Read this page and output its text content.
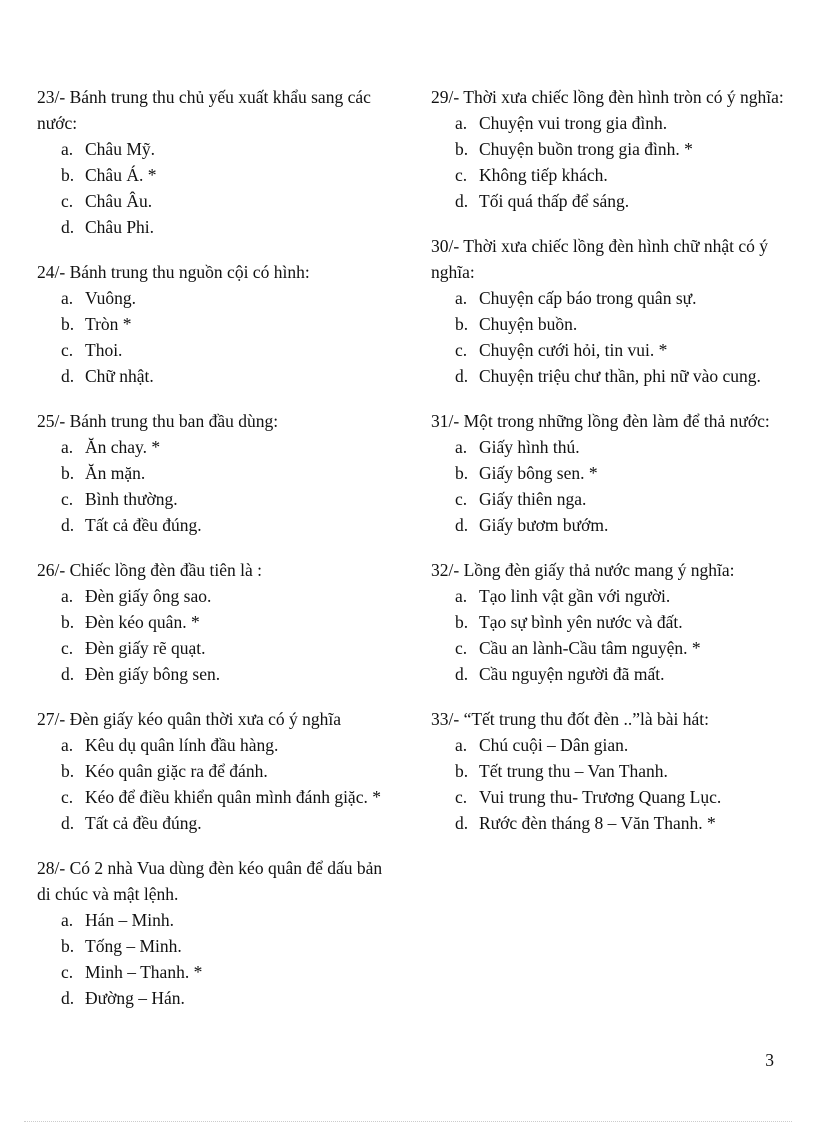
23/- Bánh trung thu chủ yếu xuất khẩu sang các nước:
a. Châu Mỹ.
b. Châu Á. *
c. Châu Âu.
d. Châu Phi.
24/- Bánh trung thu nguồn cội có hình:
a. Vuông.
b. Tròn *
c. Thoi.
d. Chữ nhật.
25/- Bánh trung thu ban đầu dùng:
a. Ăn chay. *
b. Ăn mặn.
c. Bình thường.
d. Tất cả đều đúng.
26/- Chiếc lồng đèn đầu tiên là :
a. Đèn giấy ông sao.
b. Đèn kéo quân. *
c. Đèn giấy rẽ quạt.
d. Đèn giấy bông sen.
27/- Đèn giấy kéo quân thời xưa có ý nghĩa
a. Kêu dụ quân lính đầu hàng.
b. Kéo quân giặc ra để đánh.
c. Kéo để điều khiển quân mình đánh giặc. *
d. Tất cả đều đúng.
28/- Có 2 nhà Vua dùng đèn kéo quân để dấu bản di chúc và mật lệnh.
a. Hán – Minh.
b. Tống – Minh.
c. Minh – Thanh. *
d. Đường – Hán.
29/- Thời xưa chiếc lồng đèn hình tròn có ý nghĩa:
a. Chuyện vui trong gia đình.
b. Chuyện buồn trong gia đình. *
c. Không tiếp khách.
d. Tối quá thấp để sáng.
30/- Thời xưa chiếc lồng đèn hình chữ nhật có ý nghĩa:
a. Chuyện cấp báo trong quân sự.
b. Chuyện buồn.
c. Chuyện cưới hỏi, tin vui. *
d. Chuyện triệu chư thần, phi nữ vào cung.
31/- Một trong những lồng đèn làm để thả nước:
a. Giấy hình thú.
b. Giấy bông sen. *
c. Giấy thiên nga.
d. Giấy bươm bướm.
32/- Lồng đèn giấy thả nước mang ý nghĩa:
a. Tạo linh vật gần với người.
b. Tạo sự bình yên nước và đất.
c. Cầu an lành-Cầu tâm nguyện. *
d. Cầu nguyện người đã mất.
33/- “Tết trung thu đốt đèn ..”là bài hát:
a. Chú cuội – Dân gian.
b. Tết trung thu – Van Thanh.
c. Vui trung thu- Trương Quang Lục.
d. Rước đèn tháng 8 – Văn Thanh. *
3
